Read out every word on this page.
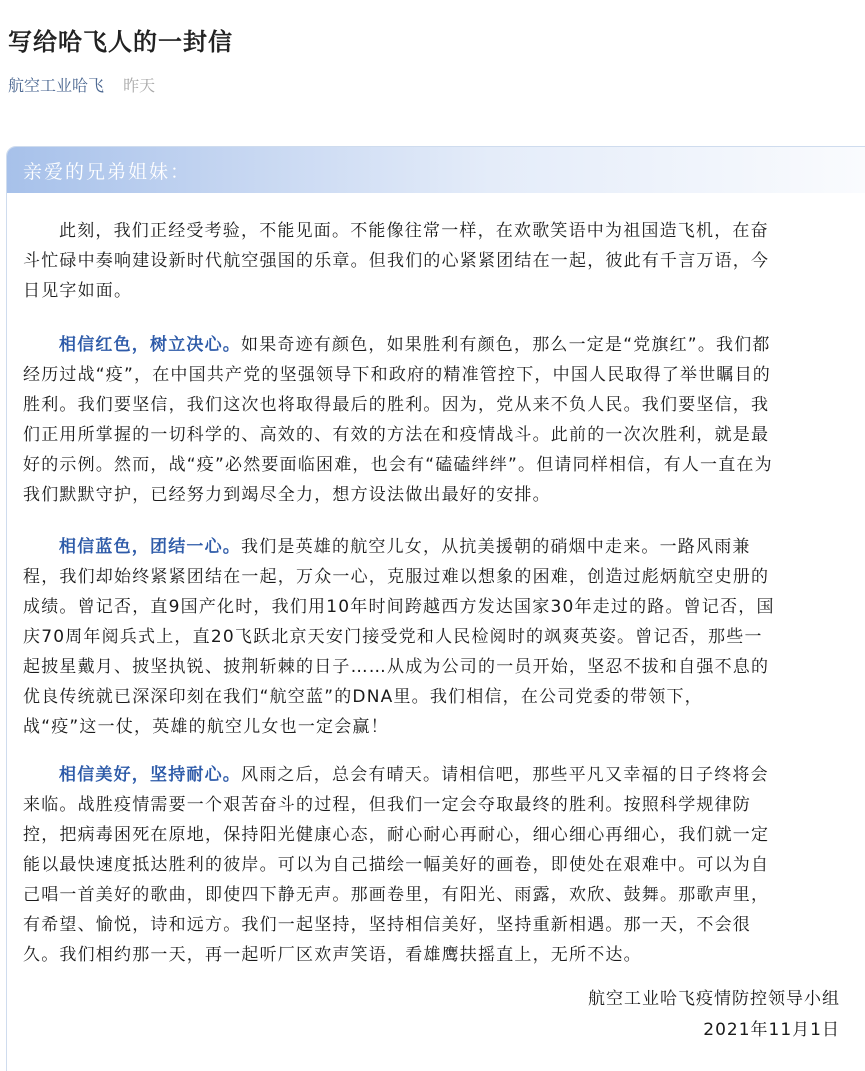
写给哈飞人的一封信
航空工业哈飞 昨天
亲爱的兄弟姐妹：
此刻，我们正经受考验，不能见面。不能像往常一样，在欢歌笑语中为祖国造飞机，在奋
斗忙碌中奏响建设新时代航空强国的乐章。但我们的心紧紧团结在一起，彼此有千言万语，今
日见字如面。
相信红色，树立决心。如果奇迹有颜色，如果胜利有颜色，那么一定是“党旗红”。我们都
经历过战“疫”，在中国共产党的坚强领导下和政府的精准管控下，中国人民取得了举世瞩目的
胜利。我们要坚信，我们这次也将取得最后的胜利。因为，党从来不负人民。我们要坚信，我
们正用所掌握的一切科学的、高效的、有效的方法在和疫情战斗。此前的一次次胜利，就是最
好的示例。然而，战“疫”必然要面临困难，也会有“磕磕绊绊”。但请同样相信，有人一直在为
我们默默守护，已经努力到竭尽全力，想方设法做出最好的安排。
相信蓝色，团结一心。我们是英雄的航空儿女，从抗美援朝的硝烟中走来。一路风雨兼
程，我们却始终紧紧团结在一起，万众一心，克服过难以想象的困难，创造过彪炳航空史册的
成绩。曾记否，直9国产化时，我们用10年时间跨越西方发达国家30年走过的路。曾记否，国
庆70周年阅兵式上，直20飞跃北京天安门接受党和人民检阅时的飒爽英姿。曾记否，那些一
起披星戴月、披坚执锐、披荆斩棘的日子……从成为公司的一员开始，坚忍不拔和自强不息的
优良传统就已深深印刻在我们“航空蓝”的DNA里。我们相信，在公司党委的带领下，
战“疫”这一仗，英雄的航空儿女也一定会赢！
相信美好，坚持耐心。风雨之后，总会有晴天。请相信吧，那些平凡又幸福的日子终将会
来临。战胜疫情需要一个艰苦奋斗的过程，但我们一定会夺取最终的胜利。按照科学规律防
控，把病毒困死在原地，保持阳光健康心态，耐心耐心再耐心，细心细心再细心，我们就一定
能以最快速度抵达胜利的彼岸。可以为自己描绘一幅美好的画卷，即使处在艰难中。可以为自
己唱一首美好的歌曲，即使四下静无声。那画卷里，有阳光、雨露，欢欣、鼓舞。那歌声里，
有希望、愉悦，诗和远方。我们一起坚持，坚持相信美好，坚持重新相遇。那一天，不会很
久。我们相约那一天，再一起听厂区欢声笑语，看雄鹰扶摇直上，无所不达。
航空工业哈飞疫情防控领导小组
2021年11月1日
